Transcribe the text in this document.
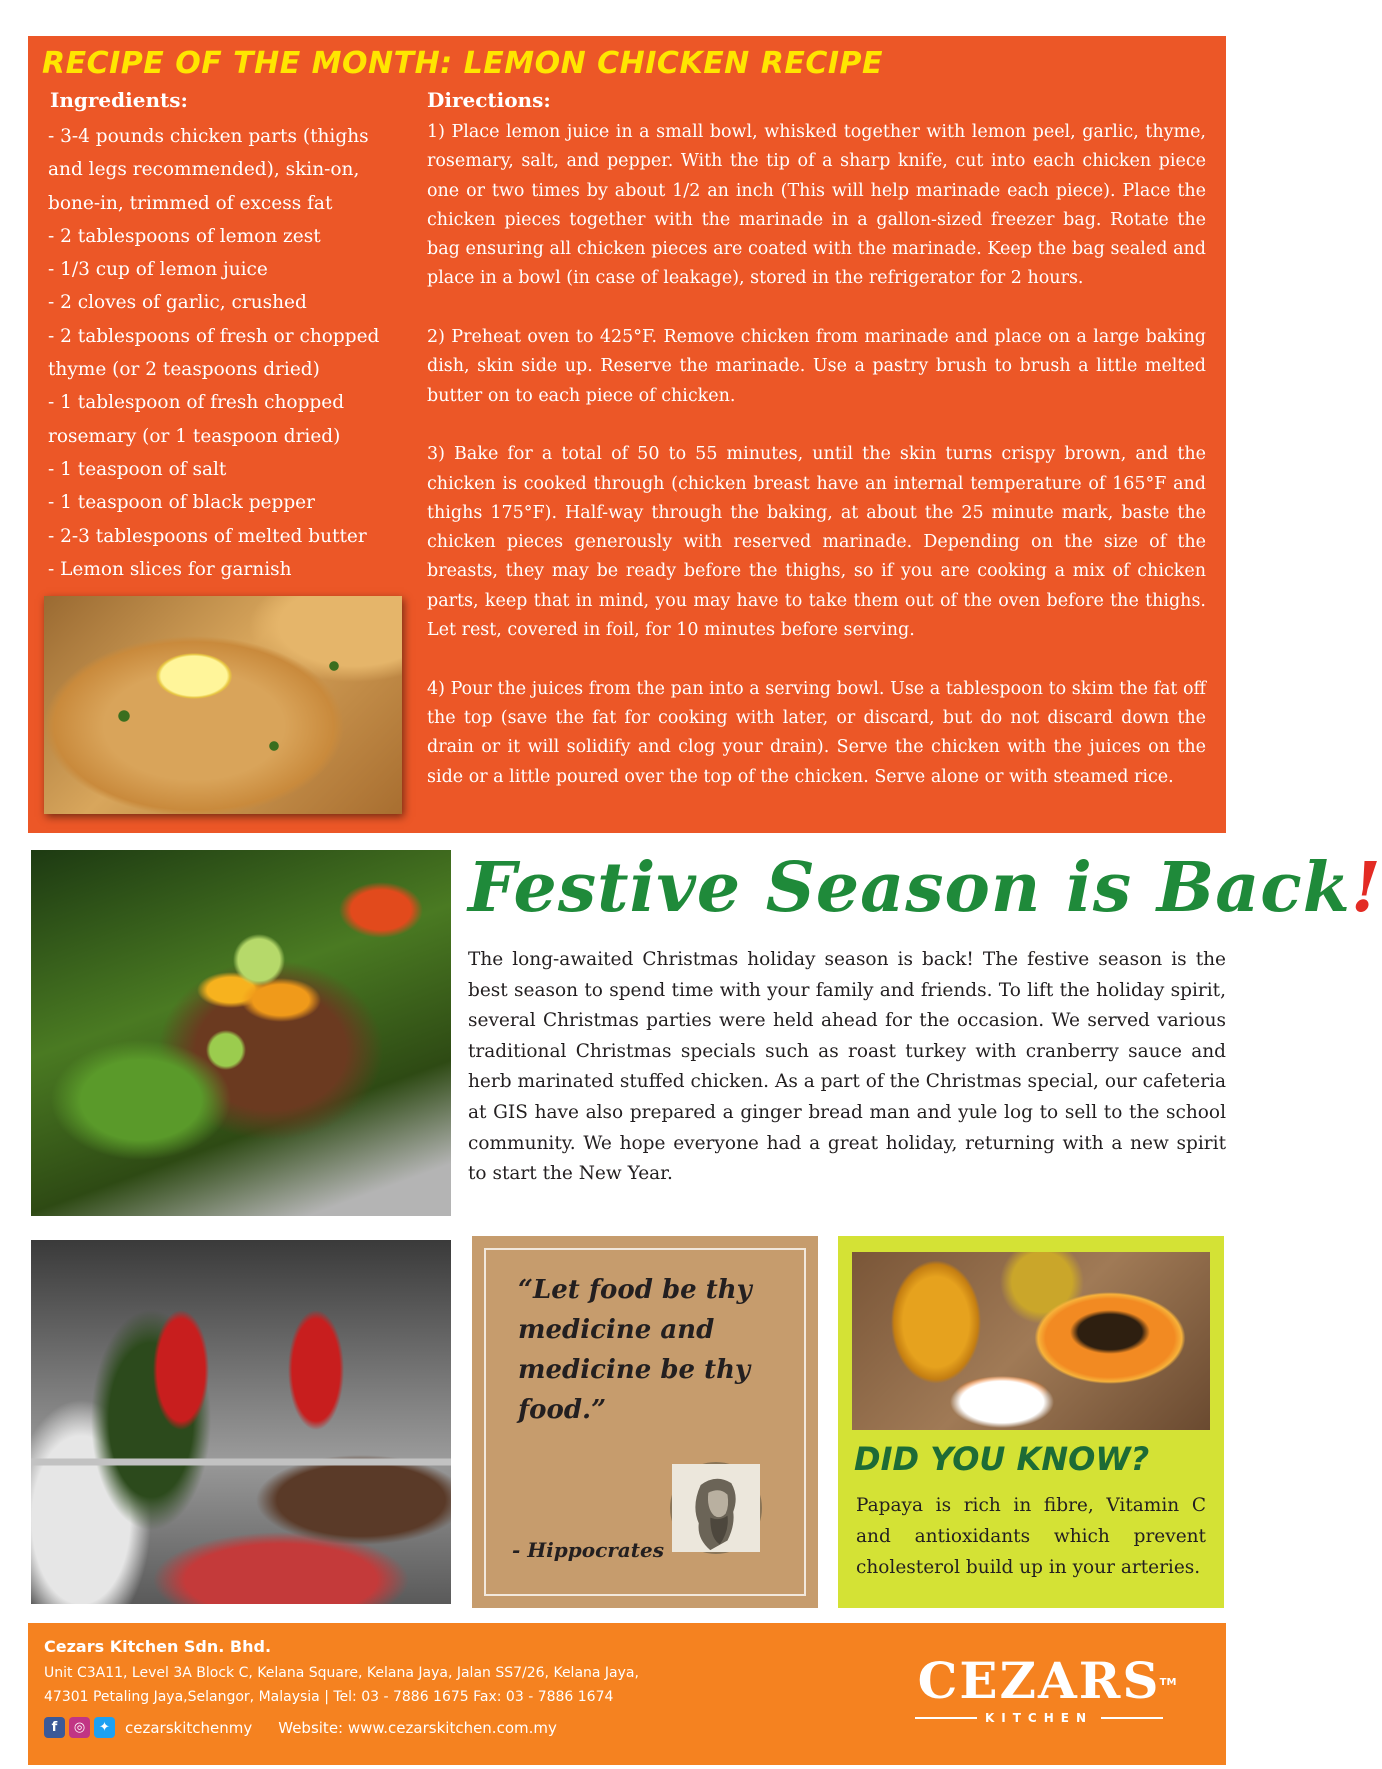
RECIPE OF THE MONTH: LEMON CHICKEN RECIPE
Ingredients:
- 3-4 pounds chicken parts (thighs
and legs recommended), skin-on,
bone-in, trimmed of excess fat
- 2 tablespoons of lemon zest
- 1/3 cup of lemon juice
- 2 cloves of garlic, crushed
- 2 tablespoons of fresh or chopped
thyme (or 2 teaspoons dried)
- 1 tablespoon of fresh chopped
rosemary (or 1 teaspoon dried)
- 1 teaspoon of salt
- 1 teaspoon of black pepper
- 2-3 tablespoons of melted butter
- Lemon slices for garnish
Directions:

1) Place lemon juice in a small bowl, whisked together with lemon peel, garlic, thyme, rosemary, salt, and pepper. With the tip of a sharp knife, cut into each chicken piece one or two times by about 1/2 an inch (This will help marinade each piece). Place the chicken pieces together with the marinade in a gallon-sized freezer bag. Rotate the bag ensuring all chicken pieces are coated with the marinade. Keep the bag sealed and place in a bowl (in case of leakage), stored in the refrigerator for 2 hours.

2) Preheat oven to 425°F. Remove chicken from marinade and place on a large baking dish, skin side up. Reserve the marinade. Use a pastry brush to brush a little melted butter on to each piece of chicken.

3) Bake for a total of 50 to 55 minutes, until the skin turns crispy brown, and the chicken is cooked through (chicken breast have an internal temperature of 165°F and thighs 175°F). Half-way through the baking, at about the 25 minute mark, baste the chicken pieces generously with reserved marinade. Depending on the size of the breasts, they may be ready before the thighs, so if you are cooking a mix of chicken parts, keep that in mind, you may have to take them out of the oven before the thighs. Let rest, covered in foil, for 10 minutes before serving.

4) Pour the juices from the pan into a serving bowl. Use a tablespoon to skim the fat off the top (save the fat for cooking with later, or discard, but do not discard down the drain or it will solidify and clog your drain). Serve the chicken with the juices on the side or a little poured over the top of the chicken. Serve alone or with steamed rice.

Festive Season is Back!

The long-awaited Christmas holiday season is back! The festive season is the best season to spend time with your family and friends. To lift the holiday spirit, several Christmas parties were held ahead for the occasion. We served various traditional Christmas specials such as roast turkey with cranberry sauce and herb marinated stuffed chicken. As a part of the Christmas special, our cafeteria at GIS have also prepared a ginger bread man and yule log to sell to the school community. We hope everyone had a great holiday, returning with a new spirit to start the New Year.

“Let food be thy medicine and medicine be thy food.”

- Hippocrates

DID YOU KNOW?

Papaya is rich in fibre, Vitamin C and antioxidants which prevent cholesterol build up in your arteries.

Cezars Kitchen Sdn. Bhd.
Unit C3A11, Level 3A Block C, Kelana Square, Kelana Jaya, Jalan SS7/26, Kelana Jaya,
47301 Petaling Jaya,Selangor, Malaysia | Tel: 03 - 7886 1675 Fax: 03 - 7886 1674
f	◎	✦	cezarskitchenmy Website: www.cezarskitchen.com.my
CEZARS TM
KITCHEN
